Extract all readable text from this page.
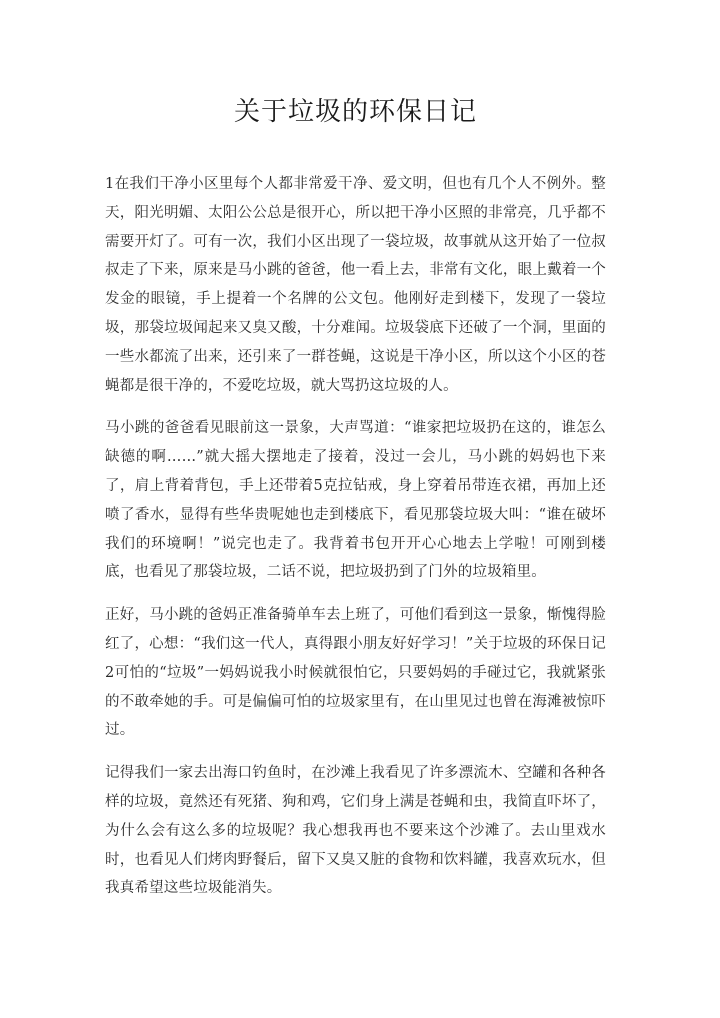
关于垃圾的环保日记

1在我们干净小区里每个人都非常爱干净、爱文明，但也有几个人不例外。整天，阳光明媚、太阳公公总是很开心，所以把干净小区照的非常亮，几乎都不需要开灯了。可有一次，我们小区出现了一袋垃圾，故事就从这开始了一位叔叔走了下来，原来是马小跳的爸爸，他一看上去，非常有文化，眼上戴着一个发金的眼镜，手上提着一个名牌的公文包。他刚好走到楼下，发现了一袋垃圾，那袋垃圾闻起来又臭又酸，十分难闻。垃圾袋底下还破了一个洞，里面的一些水都流了出来，还引来了一群苍蝇，这说是干净小区，所以这个小区的苍蝇都是很干净的，不爱吃垃圾，就大骂扔这垃圾的人。

马小跳的爸爸看见眼前这一景象，大声骂道：“谁家把垃圾扔在这的，谁怎么缺德的啊……”就大摇大摆地走了接着，没过一会儿，马小跳的妈妈也下来了，肩上背着背包，手上还带着5克拉钻戒，身上穿着吊带连衣裙，再加上还喷了香水，显得有些华贵呢她也走到楼底下，看见那袋垃圾大叫：“谁在破坏我们的环境啊！”说完也走了。我背着书包开开心心地去上学啦！可刚到楼底，也看见了那袋垃圾，二话不说，把垃圾扔到了门外的垃圾箱里。

正好，马小跳的爸妈正准备骑单车去上班了，可他们看到这一景象，惭愧得脸红了，心想：“我们这一代人，真得跟小朋友好好学习！”关于垃圾的环保日记2可怕的“垃圾”一妈妈说我小时候就很怕它，只要妈妈的手碰过它，我就紧张的不敢牵她的手。可是偏偏可怕的垃圾家里有，在山里见过也曾在海滩被惊吓过。

记得我们一家去出海口钓鱼时，在沙滩上我看见了许多漂流木、空罐和各种各样的垃圾，竟然还有死猪、狗和鸡，它们身上满是苍蝇和虫，我简直吓坏了，为什么会有这么多的垃圾呢？我心想我再也不要来这个沙滩了。去山里戏水时，也看见人们烤肉野餐后，留下又臭又脏的食物和饮料罐，我喜欢玩水，但我真希望这些垃圾能消失。
